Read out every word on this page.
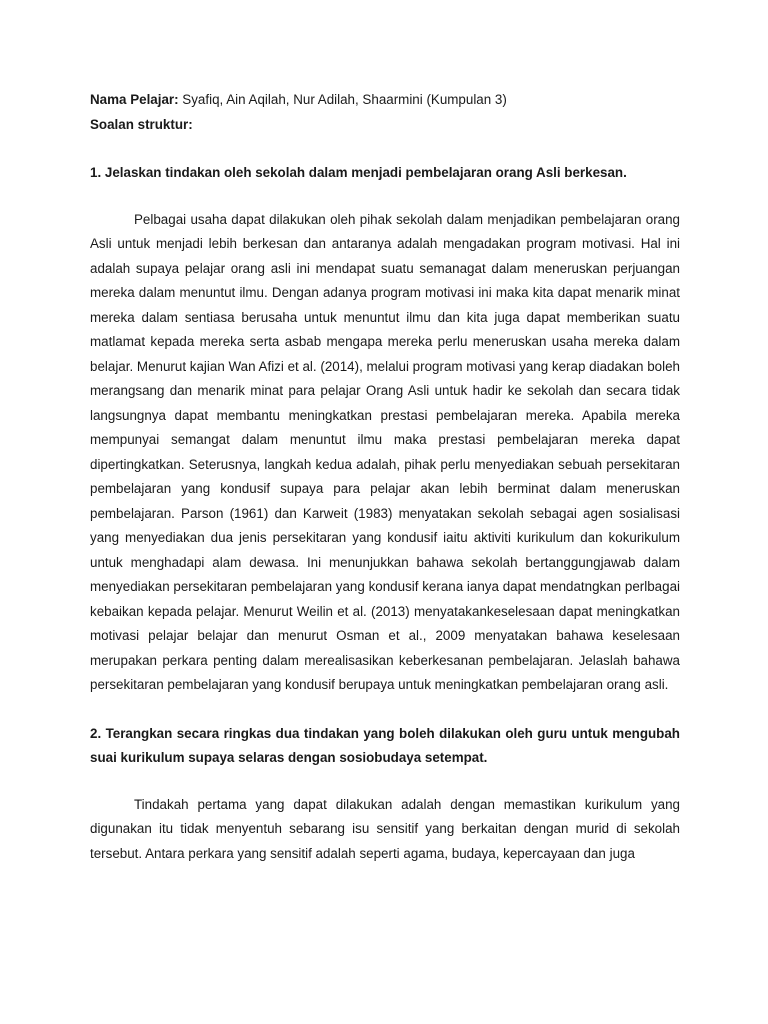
Nama Pelajar: Syafiq, Ain Aqilah, Nur Adilah, Shaarmini (Kumpulan 3)

Soalan struktur:

1. Jelaskan tindakan oleh sekolah dalam menjadi pembelajaran orang Asli berkesan.

Pelbagai usaha dapat dilakukan oleh pihak sekolah dalam menjadikan pembelajaran orang Asli untuk menjadi lebih berkesan dan antaranya adalah mengadakan program motivasi. Hal ini adalah supaya pelajar orang asli ini mendapat suatu semanagat dalam meneruskan perjuangan mereka dalam menuntut ilmu. Dengan adanya program motivasi ini maka kita dapat menarik minat mereka dalam sentiasa berusaha untuk menuntut ilmu dan kita juga dapat memberikan suatu matlamat kepada mereka serta asbab mengapa mereka perlu meneruskan usaha mereka dalam belajar. Menurut kajian Wan Afizi et al. (2014), melalui program motivasi yang kerap diadakan boleh merangsang dan menarik minat para pelajar Orang Asli untuk hadir ke sekolah dan secara tidak langsungnya dapat membantu meningkatkan prestasi pembelajaran mereka. Apabila mereka mempunyai semangat dalam menuntut ilmu maka prestasi pembelajaran mereka dapat dipertingkatkan. Seterusnya, langkah kedua adalah, pihak perlu menyediakan sebuah persekitaran pembelajaran yang kondusif supaya para pelajar akan lebih berminat dalam meneruskan pembelajaran. Parson (1961) dan Karweit (1983) menyatakan sekolah sebagai agen sosialisasi yang menyediakan dua jenis persekitaran yang kondusif iaitu aktiviti kurikulum dan kokurikulum untuk menghadapi alam dewasa. Ini menunjukkan bahawa sekolah bertanggungjawab dalam menyediakan persekitaran pembelajaran yang kondusif kerana ianya dapat mendatngkan perlbagai kebaikan kepada pelajar. Menurut Weilin et al. (2013) menyatakankeselesaan dapat meningkatkan motivasi pelajar belajar dan menurut Osman et al., 2009 menyatakan bahawa keselesaan merupakan perkara penting dalam merealisasikan keberkesanan pembelajaran. Jelaslah bahawa persekitaran pembelajaran yang kondusif berupaya untuk meningkatkan pembelajaran orang asli.

2. Terangkan secara ringkas dua tindakan yang boleh dilakukan oleh guru untuk mengubah suai kurikulum supaya selaras dengan sosiobudaya setempat.

Tindakah pertama yang dapat dilakukan adalah dengan memastikan kurikulum yang digunakan itu tidak menyentuh sebarang isu sensitif yang berkaitan dengan murid di sekolah tersebut. Antara perkara yang sensitif adalah seperti agama, budaya, kepercayaan dan juga
